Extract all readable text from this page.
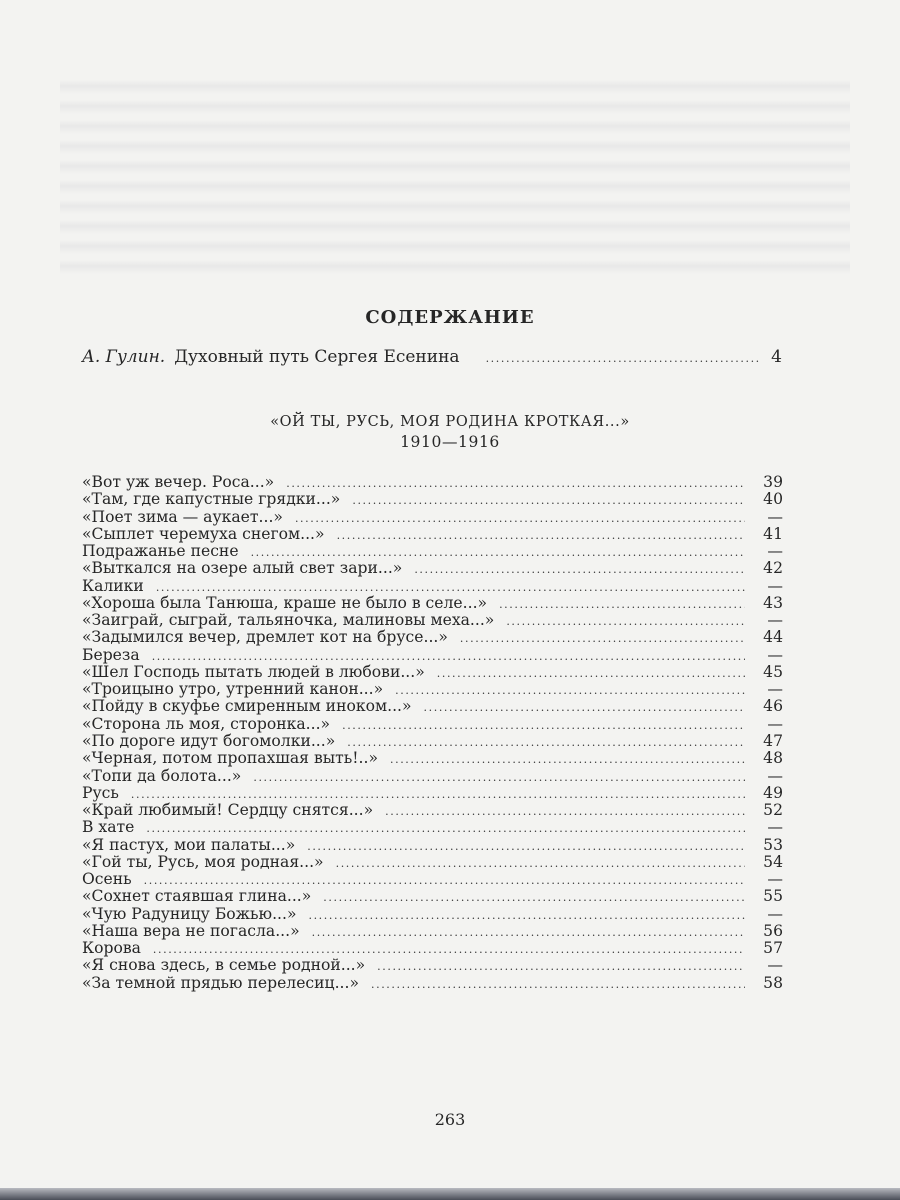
СОДЕРЖАНИЕ
А. Гулин. Духовный путь Сергея Есенина .....	4
«ОЙ ТЫ, РУСЬ, МОЯ РОДИНА КРОТКАЯ...»
1910—1916
«Вот уж вечер. Роса...» .....	39
«Там, где капустные грядки...» .....	40
«Поет зима — аукает...» .....	—
«Сыплет черемуха снегом...» .....	41
Подражанье песне .....	—
«Выткался на озере алый свет зари...» .....	42
Калики .....	—
«Хороша была Танюша, краше не было в селе...» .....	43
«Заиграй, сыграй, тальяночка, малиновы меха...» .....	—
«Задымился вечер, дремлет кот на брусе...» .....	44
Береза .....	—
«Шел Господь пытать людей в любови...» .....	45
«Троицыно утро, утренний канон...» .....	—
«Пойду в скуфье смиренным иноком...» .....	46
«Сторона ль моя, сторонка...» .....	—
«По дороге идут богомолки...» .....	47
«Черная, потом пропахшая выть!..» .....	48
«Топи да болота...» .....	—
Русь .....	49
«Край любимый! Сердцу снятся...» .....	52
В хате .....	—
«Я пастух, мои палаты...» .....	53
«Гой ты, Русь, моя родная...» .....	54
Осень .....	—
«Сохнет стаявшая глина...» .....	55
«Чую Радуницу Божью...» .....	—
«Наша вера не погасла...» .....	56
Корова .....	57
«Я снова здесь, в семье родной...» .....	—
«За темной прядью перелесиц...» .....	58
263
